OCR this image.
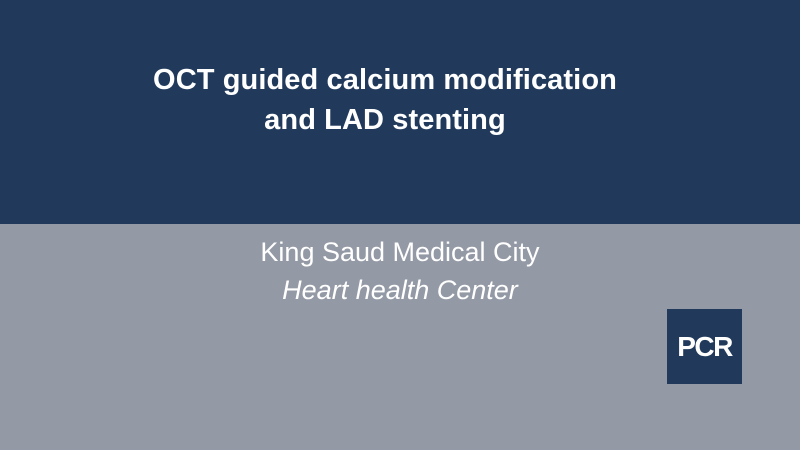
OCT guided calcium modification
and LAD stenting
King Saud Medical City
Heart health Center
PCR
